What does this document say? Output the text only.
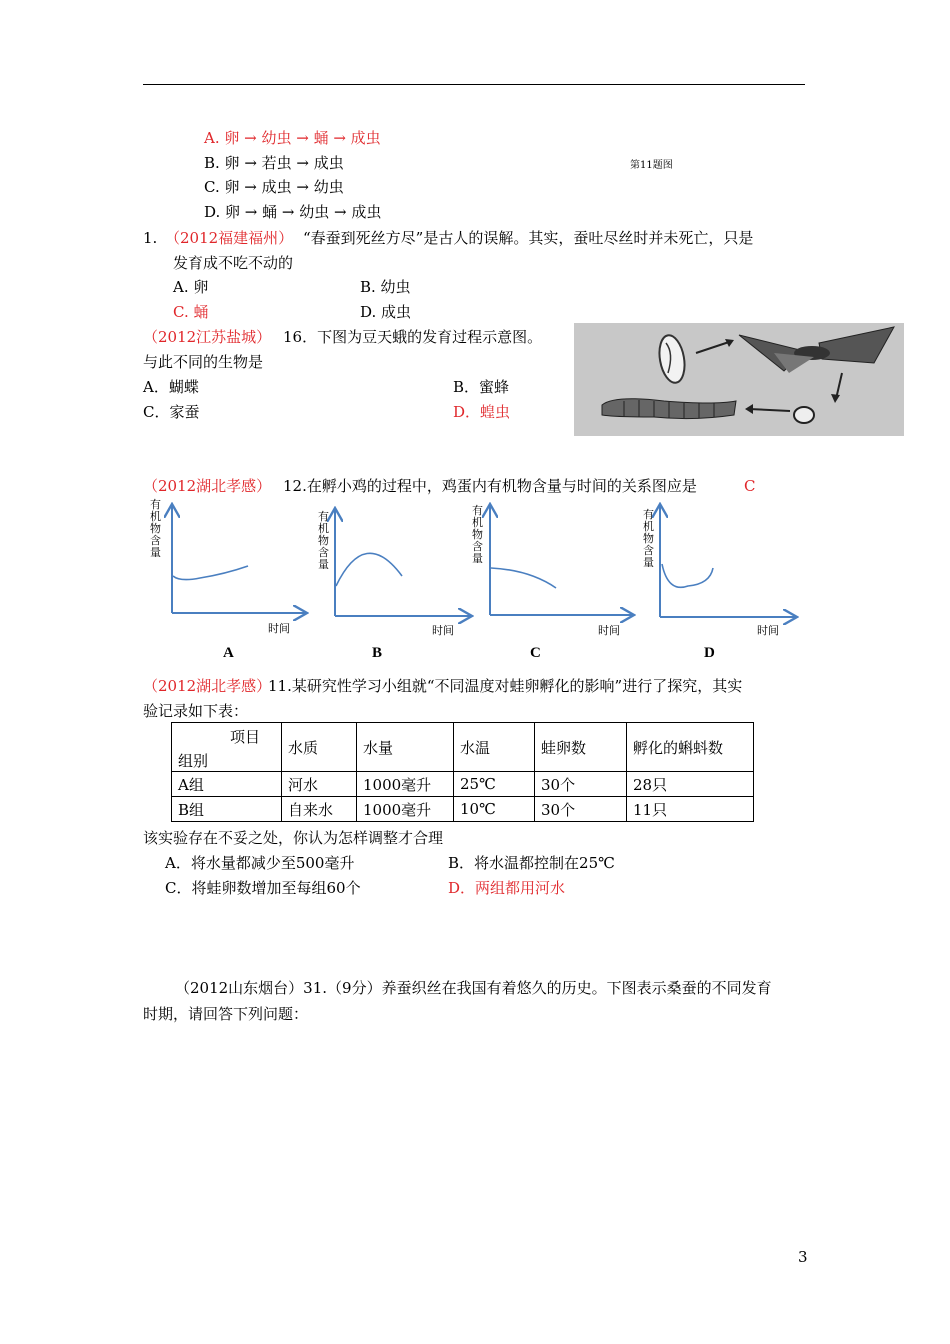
A. 卵 → 幼虫 → 蛹 → 成虫
B. 卵 → 若虫 → 成虫
C. 卵 → 成虫 → 幼虫
D. 卵 → 蛹 → 幼虫 → 成虫
第11题图
1. （2012福建福州） “春蚕到死丝方尽”是古人的误解。其实，蚕吐尽丝时并未死亡，只是
发育成不吃不动的
A. 卵	B. 幼虫
C. 蛹	D. 成虫
（2012江苏盐城） 16．下图为豆天蛾的发育过程示意图。
与此不同的生物是
A．蝴蝶	B．蜜蜂
C．家蚕	D．蝗虫
（2012湖北孝感） 12.在孵小鸡的过程中，鸡蛋内有机物含量与时间的关系图应是	C
有机物含量
有机物含量
有机物含量
有机物含量
时间	时间	时间	时间
A	B	C	D
（2012湖北孝感）
11.某研究性学习小组就“不同温度对蛙卵孵化的影响”进行了探究，其实
验记录如下表：
项目
组别	水质	水量	水温	蛙卵数	孵化的蝌蚪数
A组	河水	1000毫升	25℃	30个	28只
B组	自来水	1000毫升	10℃	30个	11只
该实验存在不妥之处，你认为怎样调整才合理
A．将水量都减少至500毫升	B．将水温都控制在25℃
C．将蛙卵数增加至每组60个	D．两组都用河水
（2012山东烟台）31.（9分）养蚕织丝在我国有着悠久的历史。下图表示桑蚕的不同发育
时期，请回答下列问题：
3
